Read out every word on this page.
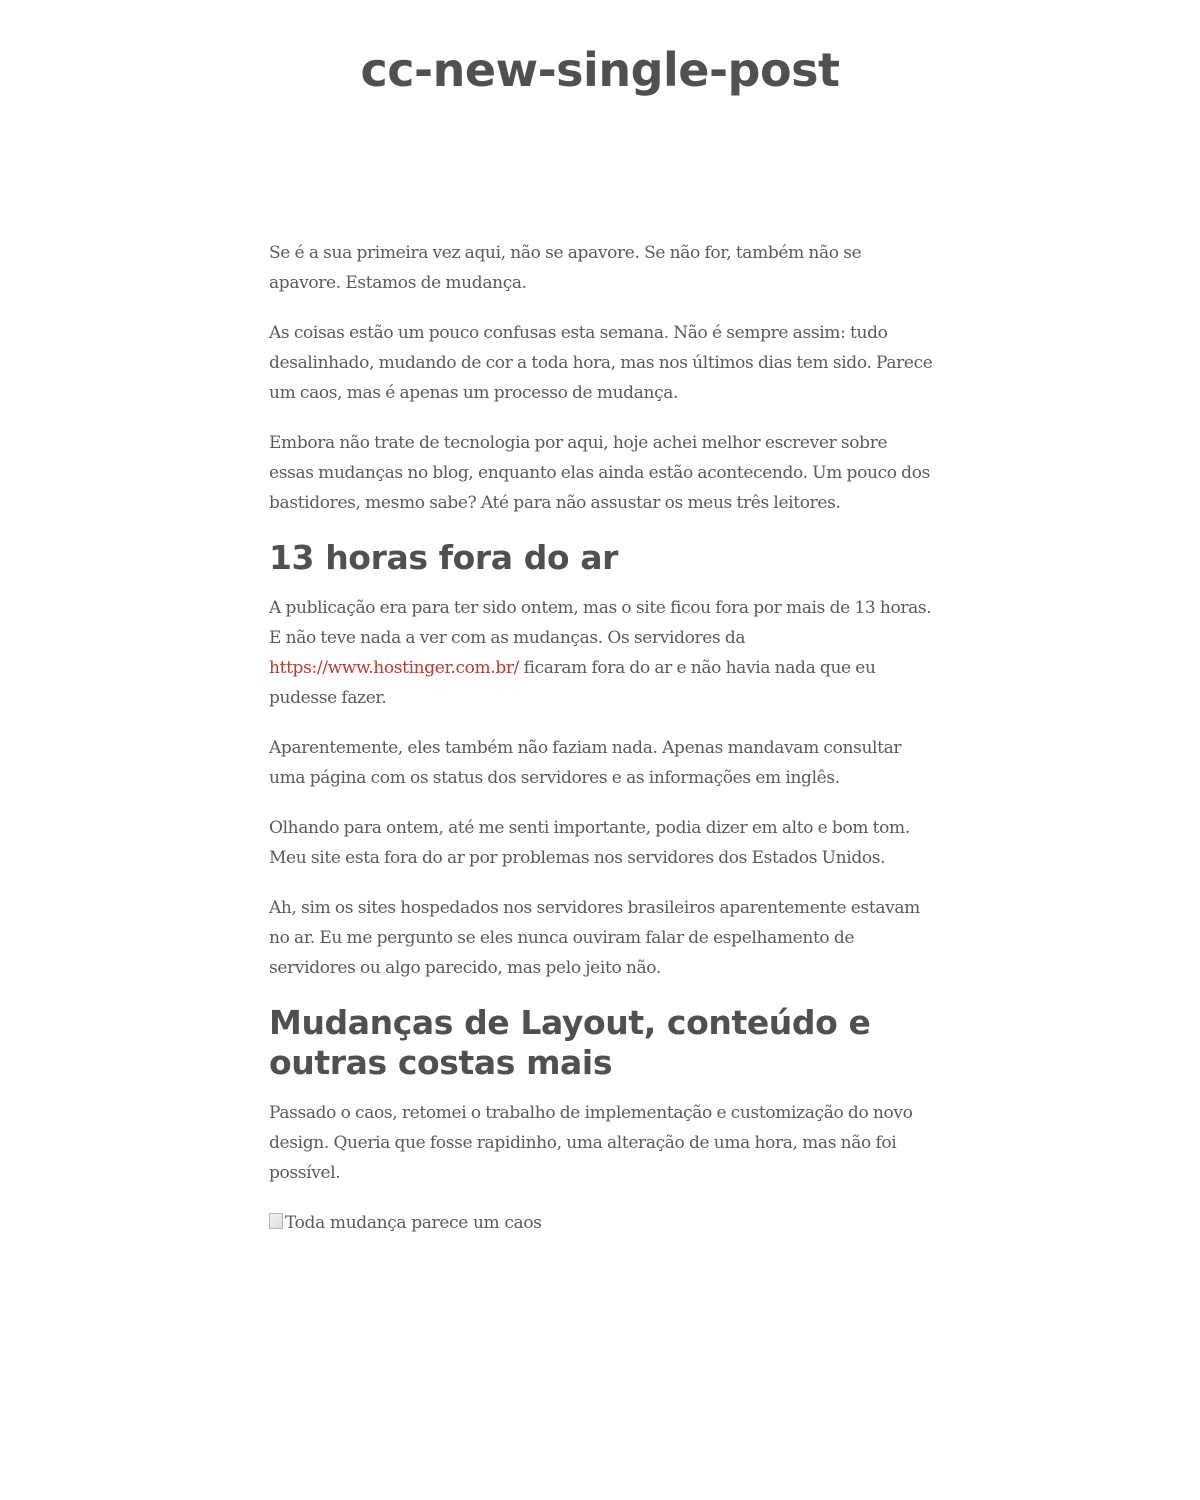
cc-new-single-post

Se é a sua primeira vez aqui, não se apavore. Se não for, também não se apavore. Estamos de mudança.

As coisas estão um pouco confusas esta semana. Não é sempre assim: tudo desalinhado, mudando de cor a toda hora, mas nos últimos dias tem sido. Parece um caos, mas é apenas um processo de mudança.

Embora não trate de tecnologia por aqui, hoje achei melhor escrever sobre essas mudanças no blog, enquanto elas ainda estão acontecendo. Um pouco dos bastidores, mesmo sabe? Até para não assustar os meus três leitores.

13 horas fora do ar

A publicação era para ter sido ontem, mas o site ficou fora por mais de 13 horas. E não teve nada a ver com as mudanças. Os servidores da https://www.hostinger.com.br/ ficaram fora do ar e não havia nada que eu pudesse fazer.

Aparentemente, eles também não faziam nada. Apenas mandavam consultar uma página com os status dos servidores e as informações em inglês.

Olhando para ontem, até me senti importante, podia dizer em alto e bom tom. Meu site esta fora do ar por problemas nos servidores dos Estados Unidos.

Ah, sim os sites hospedados nos servidores brasileiros aparentemente estavam no ar. Eu me pergunto se eles nunca ouviram falar de espelhamento de servidores ou algo parecido, mas pelo jeito não.

Mudanças de Layout, conteúdo e outras costas mais

Passado o caos, retomei o trabalho de implementação e customização do novo design. Queria que fosse rapidinho, uma alteração de uma hora, mas não foi possível.

Toda mudança parece um caos
